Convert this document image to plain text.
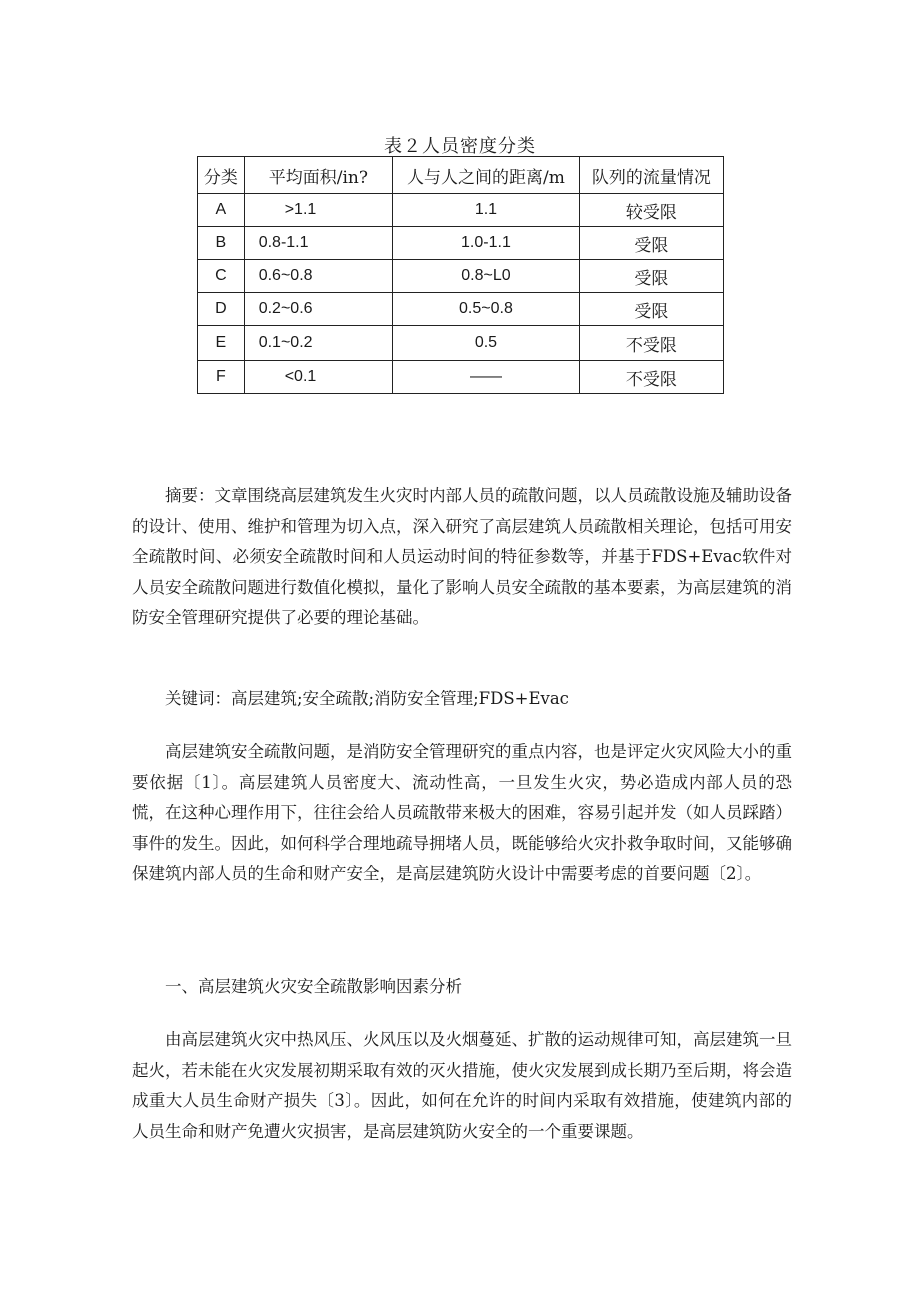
表２人员密度分类
分类	平均面积/in?	人与人之间的距离/m	队列的流量情况
A	>1.1	1.1	较受限
B	0.8-1.1	1.0-1.1	受限
C	0.6~0.8	0.8~L0	受限
D	0.2~0.6	0.5~0.8	受限
E	0.1~0.2	0.5	不受限
F	<0.1	——	不受限

摘要：文章围绕高层建筑发生火灾时内部人员的疏散问题，以人员疏散设施及辅助设备的设计、使用、维护和管理为切入点，深入研究了高层建筑人员疏散相关理论，包括可用安全疏散时间、必须安全疏散时间和人员运动时间的特征参数等，并基于FDS+Evac软件对人员安全疏散问题进行数值化模拟，量化了影响人员安全疏散的基本要素，为高层建筑的消防安全管理研究提供了必要的理论基础。

关键词：高层建筑;安全疏散;消防安全管理;FDS+Evac

高层建筑安全疏散问题，是消防安全管理研究的重点内容，也是评定火灾风险大小的重要依据〔1〕。高层建筑人员密度大、流动性高，一旦发生火灾，势必造成内部人员的恐慌，在这种心理作用下，往往会给人员疏散带来极大的困难，容易引起并发（如人员踩踏）事件的发生。因此，如何科学合理地疏导拥堵人员，既能够给火灾扑救争取时间，又能够确保建筑内部人员的生命和财产安全，是高层建筑防火设计中需要考虑的首要问题〔2〕。

一、高层建筑火灾安全疏散影响因素分析

由高层建筑火灾中热风压、火风压以及火烟蔓延、扩散的运动规律可知，高层建筑一旦起火，若未能在火灾发展初期采取有效的灭火措施，使火灾发展到成长期乃至后期，将会造成重大人员生命财产损失〔3〕。因此，如何在允许的时间内采取有效措施，使建筑内部的人员生命和财产免遭火灾损害，是高层建筑防火安全的一个重要课题。
